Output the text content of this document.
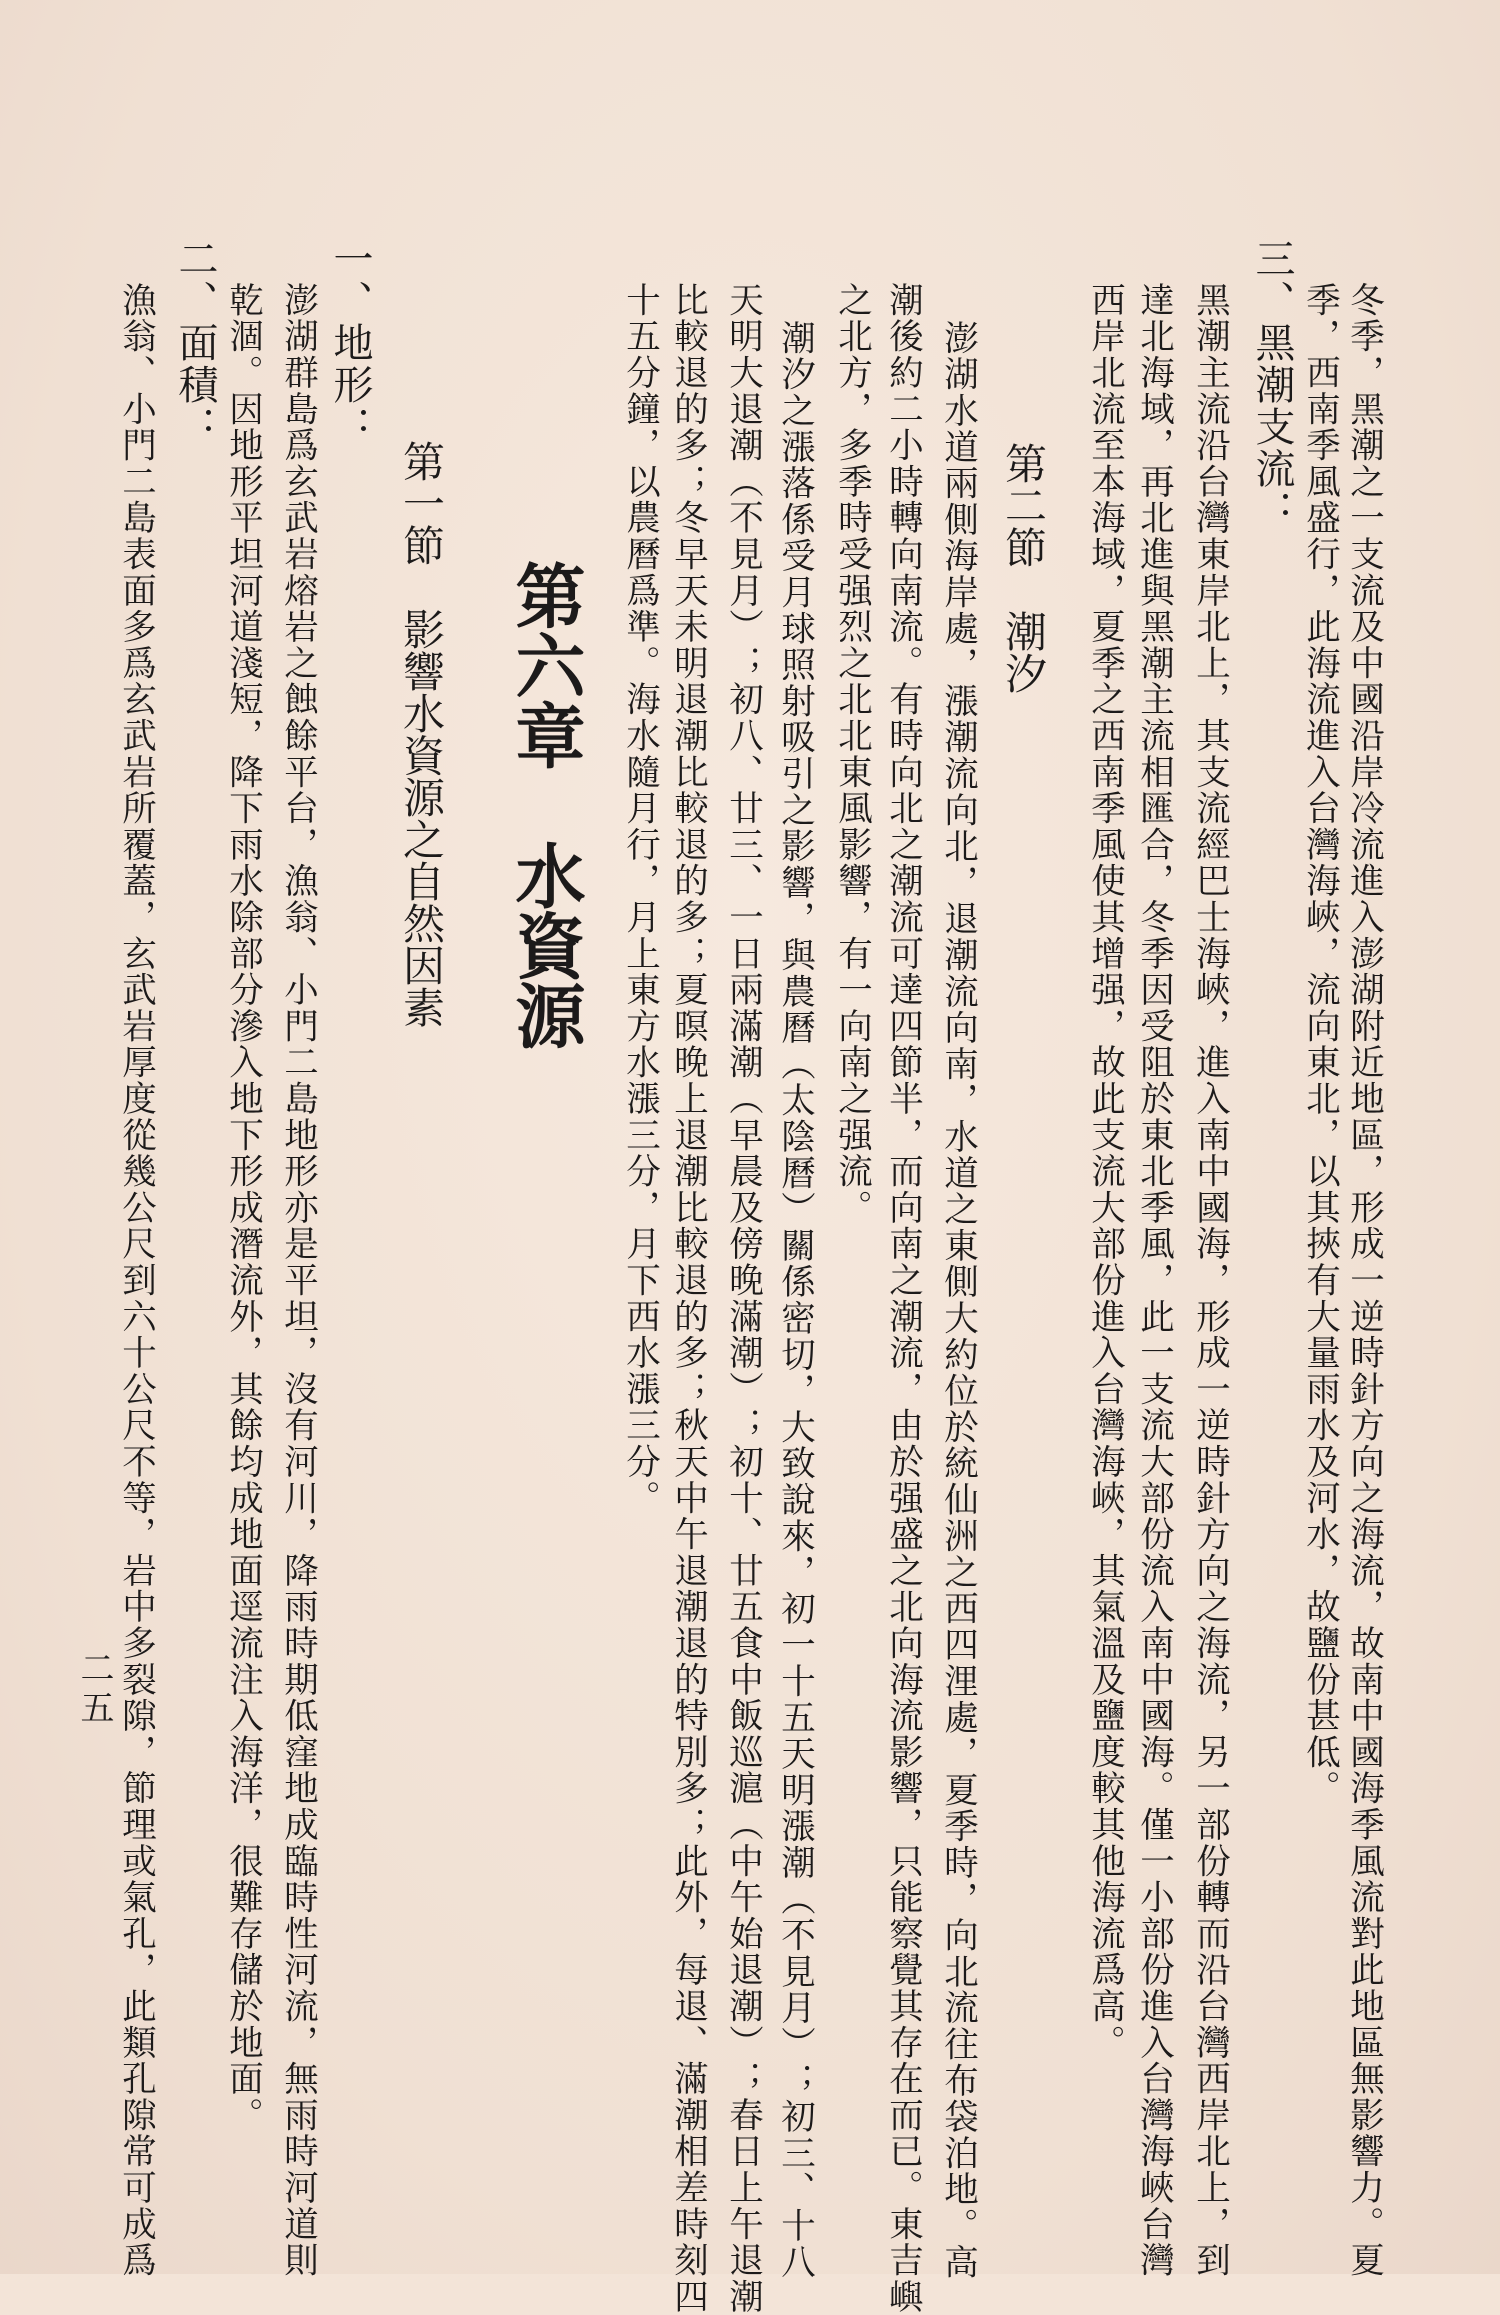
冬季，黑潮之一支流及中國沿岸冷流進入澎湖附近地區，形成一逆時針方向之海流，故南中國海季風流對此地區無影響力。夏
季，西南季風盛行，此海流進入台灣海峽，流向東北，以其挾有大量雨水及河水，故鹽份甚低。
三、黑潮支流：
黑潮主流沿台灣東岸北上，其支流經巴士海峽，進入南中國海，形成一逆時針方向之海流，另一部份轉而沿台灣西岸北上，到
達北海域，再北進與黑潮主流相匯合，冬季因受阻於東北季風，此一支流大部份流入南中國海。僅一小部份進入台灣海峽台灣
西岸北流至本海域，夏季之西南季風使其增强，故此支流大部份進入台灣海峽，其氣溫及鹽度較其他海流爲高。
第二節　潮汐
澎湖水道兩側海岸處，漲潮流向北，退潮流向南，水道之東側大約位於統仙洲之西四浬處，夏季時，向北流往布袋泊地。高
潮後約二小時轉向南流。有時向北之潮流可達四節半，而向南之潮流，由於强盛之北向海流影響，只能察覺其存在而已。東吉嶼
之北方，多季時受强烈之北北東風影響，有一向南之强流。
潮汐之漲落係受月球照射吸引之影響，與農曆（太陰曆）關係密切，大致說來，初一十五天明漲潮（不見月）；初三、十八
天明大退潮（不見月）；初八、廿三、一日兩滿潮（早晨及傍晚滿潮）；初十、廿五食中飯巡滬（中午始退潮）；春日上午退潮
比較退的多；冬早天未明退潮比較退的多；夏暝晚上退潮比較退的多；秋天中午退潮退的特別多；此外，每退、滿潮相差時刻四
十五分鐘，以農曆爲準。海水隨月行，月上東方水漲三分，月下西水漲三分。
第六章　水資源
第一節　影響水資源之自然因素
一、地形：
澎湖群島爲玄武岩熔岩之蝕餘平台，漁翁、小門二島地形亦是平坦，沒有河川，降雨時期低窪地成臨時性河流，無雨時河道則
乾涸。因地形平坦河道淺短，降下雨水除部分滲入地下形成潛流外，其餘均成地面逕流注入海洋，很難存儲於地面。
二、面積：
漁翁、小門二島表面多爲玄武岩所覆蓋，玄武岩厚度從幾公尺到六十公尺不等，岩中多裂隙，節理或氣孔，此類孔隙常可成爲
二五
